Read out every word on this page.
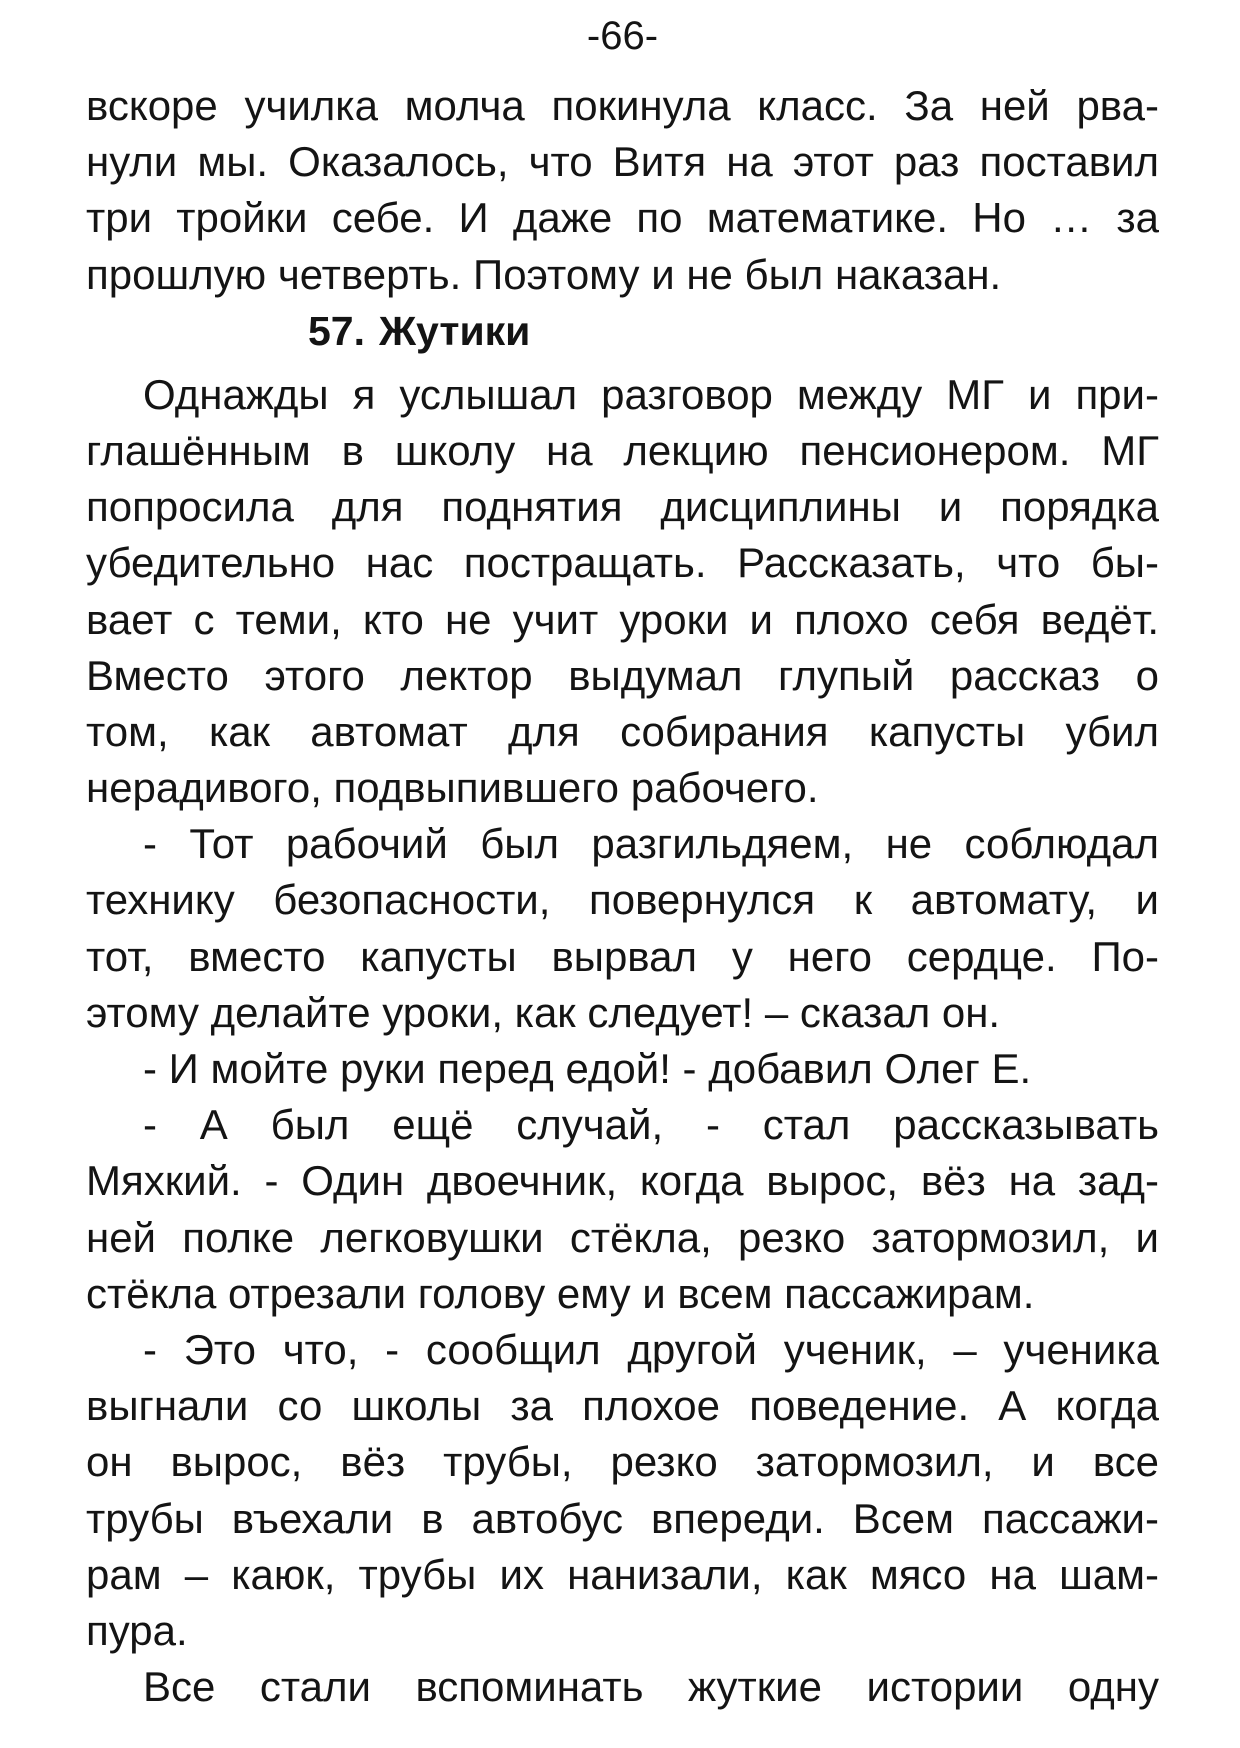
-66-
вскоре училка молча покинула класс. За ней рва-
нули мы. Оказалось, что Витя на этот раз поставил
три тройки себе. И даже по математике. Но … за
прошлую четверть. Поэтому и не был наказан.
57. Жутики
Однажды я услышал разговор между МГ и при-
глашённым в школу на лекцию пенсионером. МГ
попросила для поднятия дисциплины и порядка
убедительно нас постращать. Рассказать, что бы-
вает с теми, кто не учит уроки и плохо себя ведёт.
Вместо этого лектор выдумал глупый рассказ о
том, как автомат для собирания капусты убил
нерадивого, подвыпившего рабочего.
- Тот рабочий был разгильдяем, не соблюдал
технику безопасности, повернулся к автомату, и
тот, вместо капусты вырвал у него сердце. По-
этому делайте уроки, как следует! – сказал он.
- И мойте руки перед едой! - добавил Олег Е.
- А был ещё случай, - стал рассказывать
Мяхкий. - Один двоечник, когда вырос, вёз на зад-
ней полке легковушки стёкла, резко затормозил, и
стёкла отрезали голову ему и всем пассажирам.
- Это что, - сообщил другой ученик, – ученика
выгнали со школы за плохое поведение. А когда
он вырос, вёз трубы, резко затормозил, и все
трубы въехали в автобус впереди. Всем пассажи-
рам – каюк, трубы их нанизали, как мясо на шам-
пура.
Все стали вспоминать жуткие истории одну
